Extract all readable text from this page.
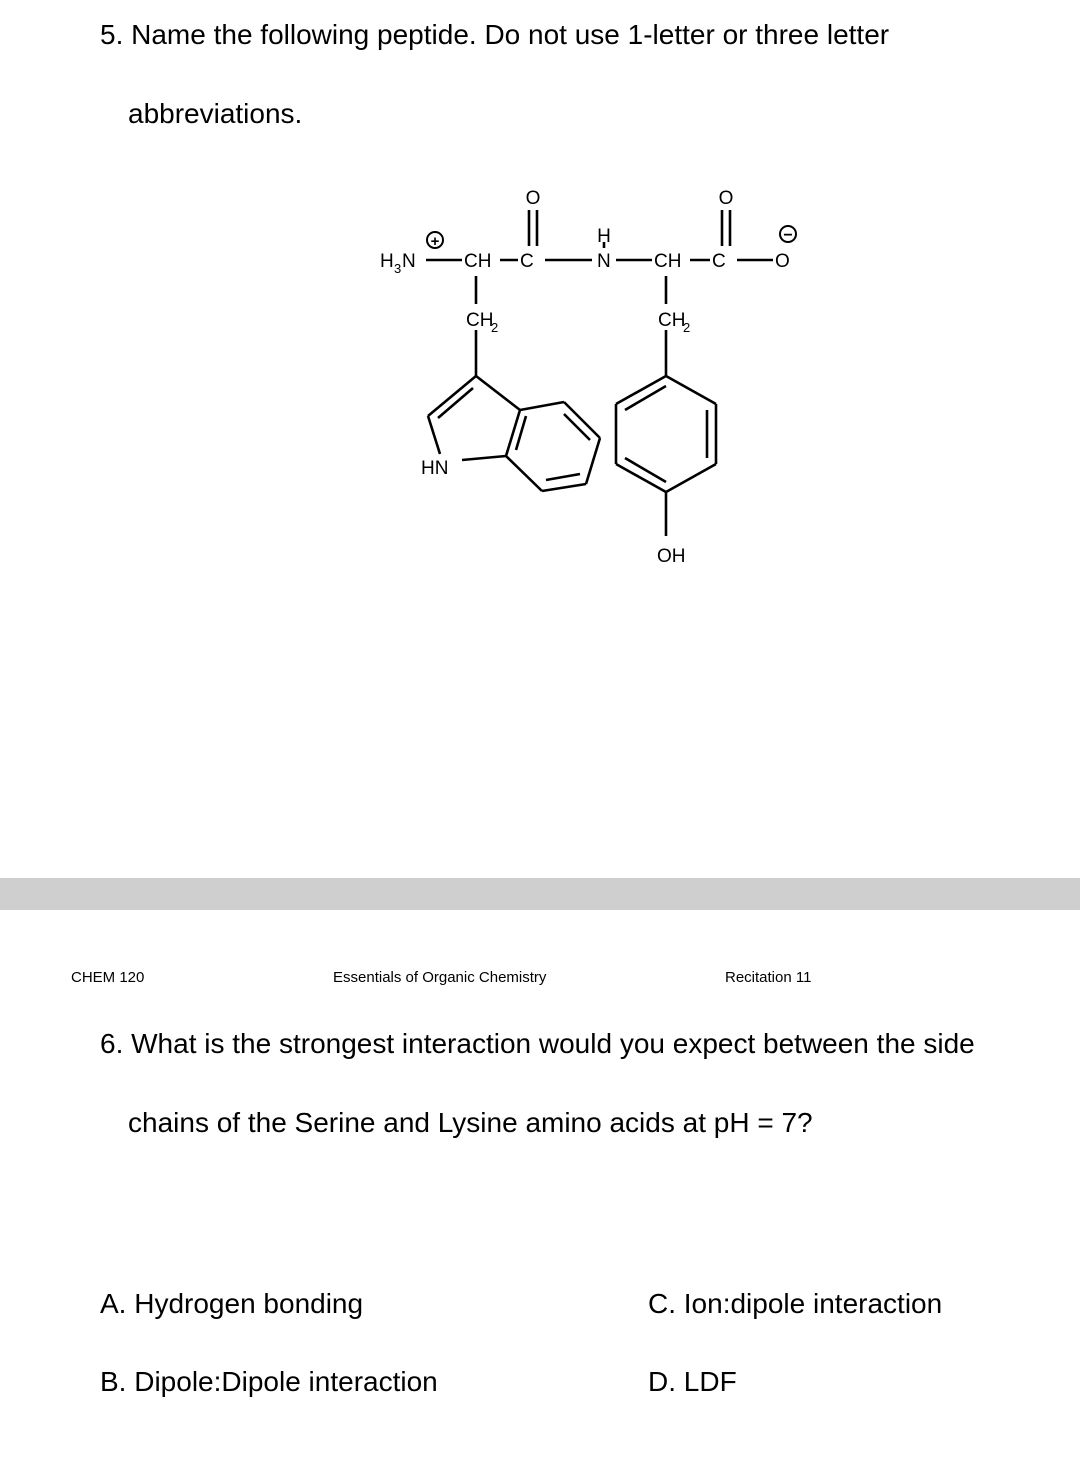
5. Name the following peptide. Do not use 1-letter or three letter
abbreviations.
H 3 N
+
CH C
O
H
N CH C
O
O
−
CH
2	CH
2
HN
OH
CHEM 120	Essentials of Organic Chemistry	Recitation 11
6. What is the strongest interaction would you expect between the side
chains of the Serine and Lysine amino acids at pH = 7?
A. Hydrogen bonding
B. Dipole:Dipole interaction
C. Ion:dipole interaction
D. LDF
